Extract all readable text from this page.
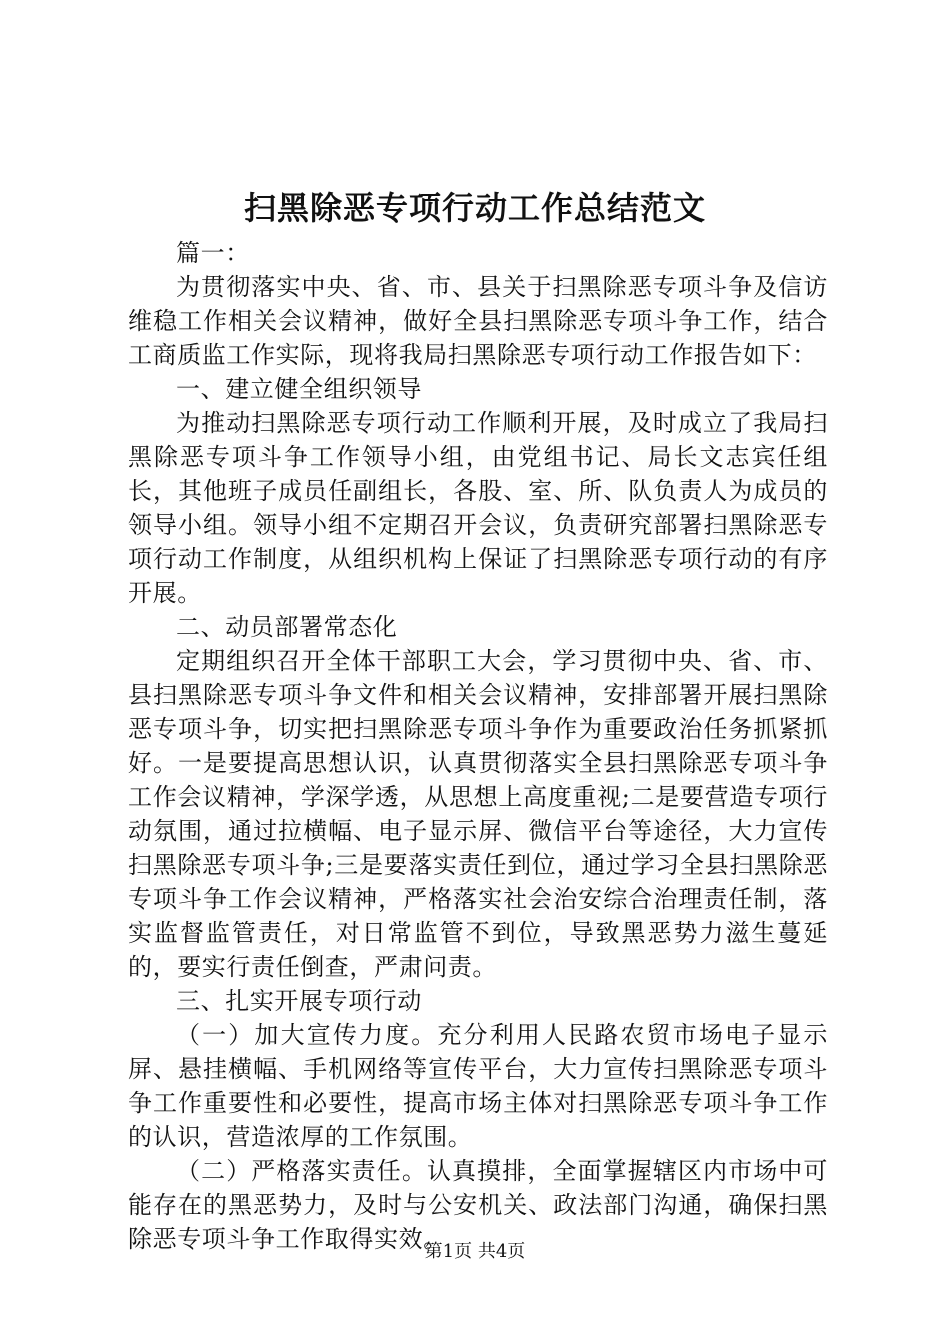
扫黑除恶专项行动工作总结范文

篇一：

为贯彻落实中央、省、市、县关于扫黑除恶专项斗争及信访维稳工作相关会议精神，做好全县扫黑除恶专项斗争工作，结合工商质监工作实际，现将我局扫黑除恶专项行动工作报告如下：

一、建立健全组织领导

为推动扫黑除恶专项行动工作顺利开展，及时成立了我局扫黑除恶专项斗争工作领导小组，由党组书记、局长文志宾任组长，其他班子成员任副组长，各股、室、所、队负责人为成员的领导小组。领导小组不定期召开会议，负责研究部署扫黑除恶专项行动工作制度，从组织机构上保证了扫黑除恶专项行动的有序开展。

二、动员部署常态化

定期组织召开全体干部职工大会，学习贯彻中央、省、市、县扫黑除恶专项斗争文件和相关会议精神，安排部署开展扫黑除恶专项斗争，切实把扫黑除恶专项斗争作为重要政治任务抓紧抓好。一是要提高思想认识，认真贯彻落实全县扫黑除恶专项斗争工作会议精神，学深学透，从思想上高度重视;二是要营造专项行动氛围，通过拉横幅、电子显示屏、微信平台等途径，大力宣传扫黑除恶专项斗争;三是要落实责任到位，通过学习全县扫黑除恶专项斗争工作会议精神，严格落实社会治安综合治理责任制，落实监督监管责任，对日常监管不到位，导致黑恶势力滋生蔓延的，要实行责任倒查，严肃问责。

三、扎实开展专项行动

（一）加大宣传力度。充分利用人民路农贸市场电子显示屏、悬挂横幅、手机网络等宣传平台，大力宣传扫黑除恶专项斗争工作重要性和必要性，提高市场主体对扫黑除恶专项斗争工作的认识，营造浓厚的工作氛围。

（二）严格落实责任。认真摸排，全面掌握辖区内市场中可能存在的黑恶势力，及时与公安机关、政法部门沟通，确保扫黑除恶专项斗争工作取得实效。

第1页 共4页
